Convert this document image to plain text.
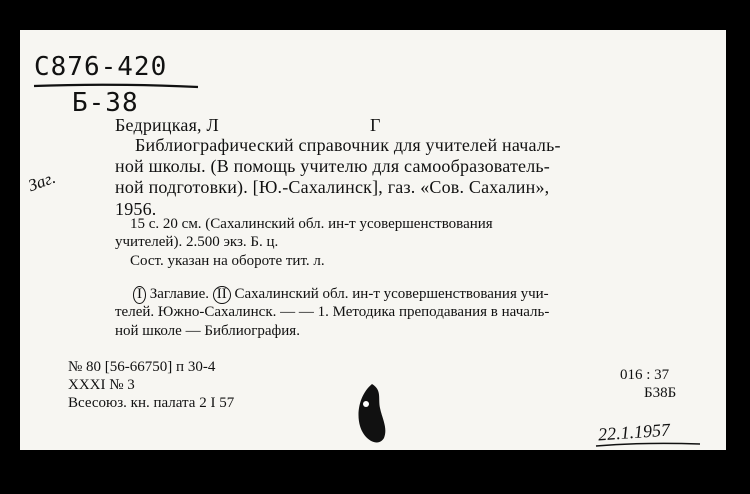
С876-420
Б-38
Заг.
Бедрицкая, Л	Г
Библиографический справочник для учителей началь-
ной школы. (В помощь учителю для самообразователь-
ной подготовки). [Ю.-Сахалинск], газ. «Сов. Сахалин»,
1956.
15 с. 20 см. (Сахалинский обл. ин-т усовершенствования
учителей). 2.500 экз. Б. ц.
Сост. указан на обороте тит. л.
I Заглавие. II Сахалинский обл. ин-т усовершенствования учи-
телей. Южно-Сахалинск. — — 1. Методика преподавания в началь-
ной школе — Библиография.
№ 80 [56-66750] п 30-4
XXXI № 3
Всесоюз. кн. палата 2 I 57
016 : 37
Б38Б
22.1.1957
